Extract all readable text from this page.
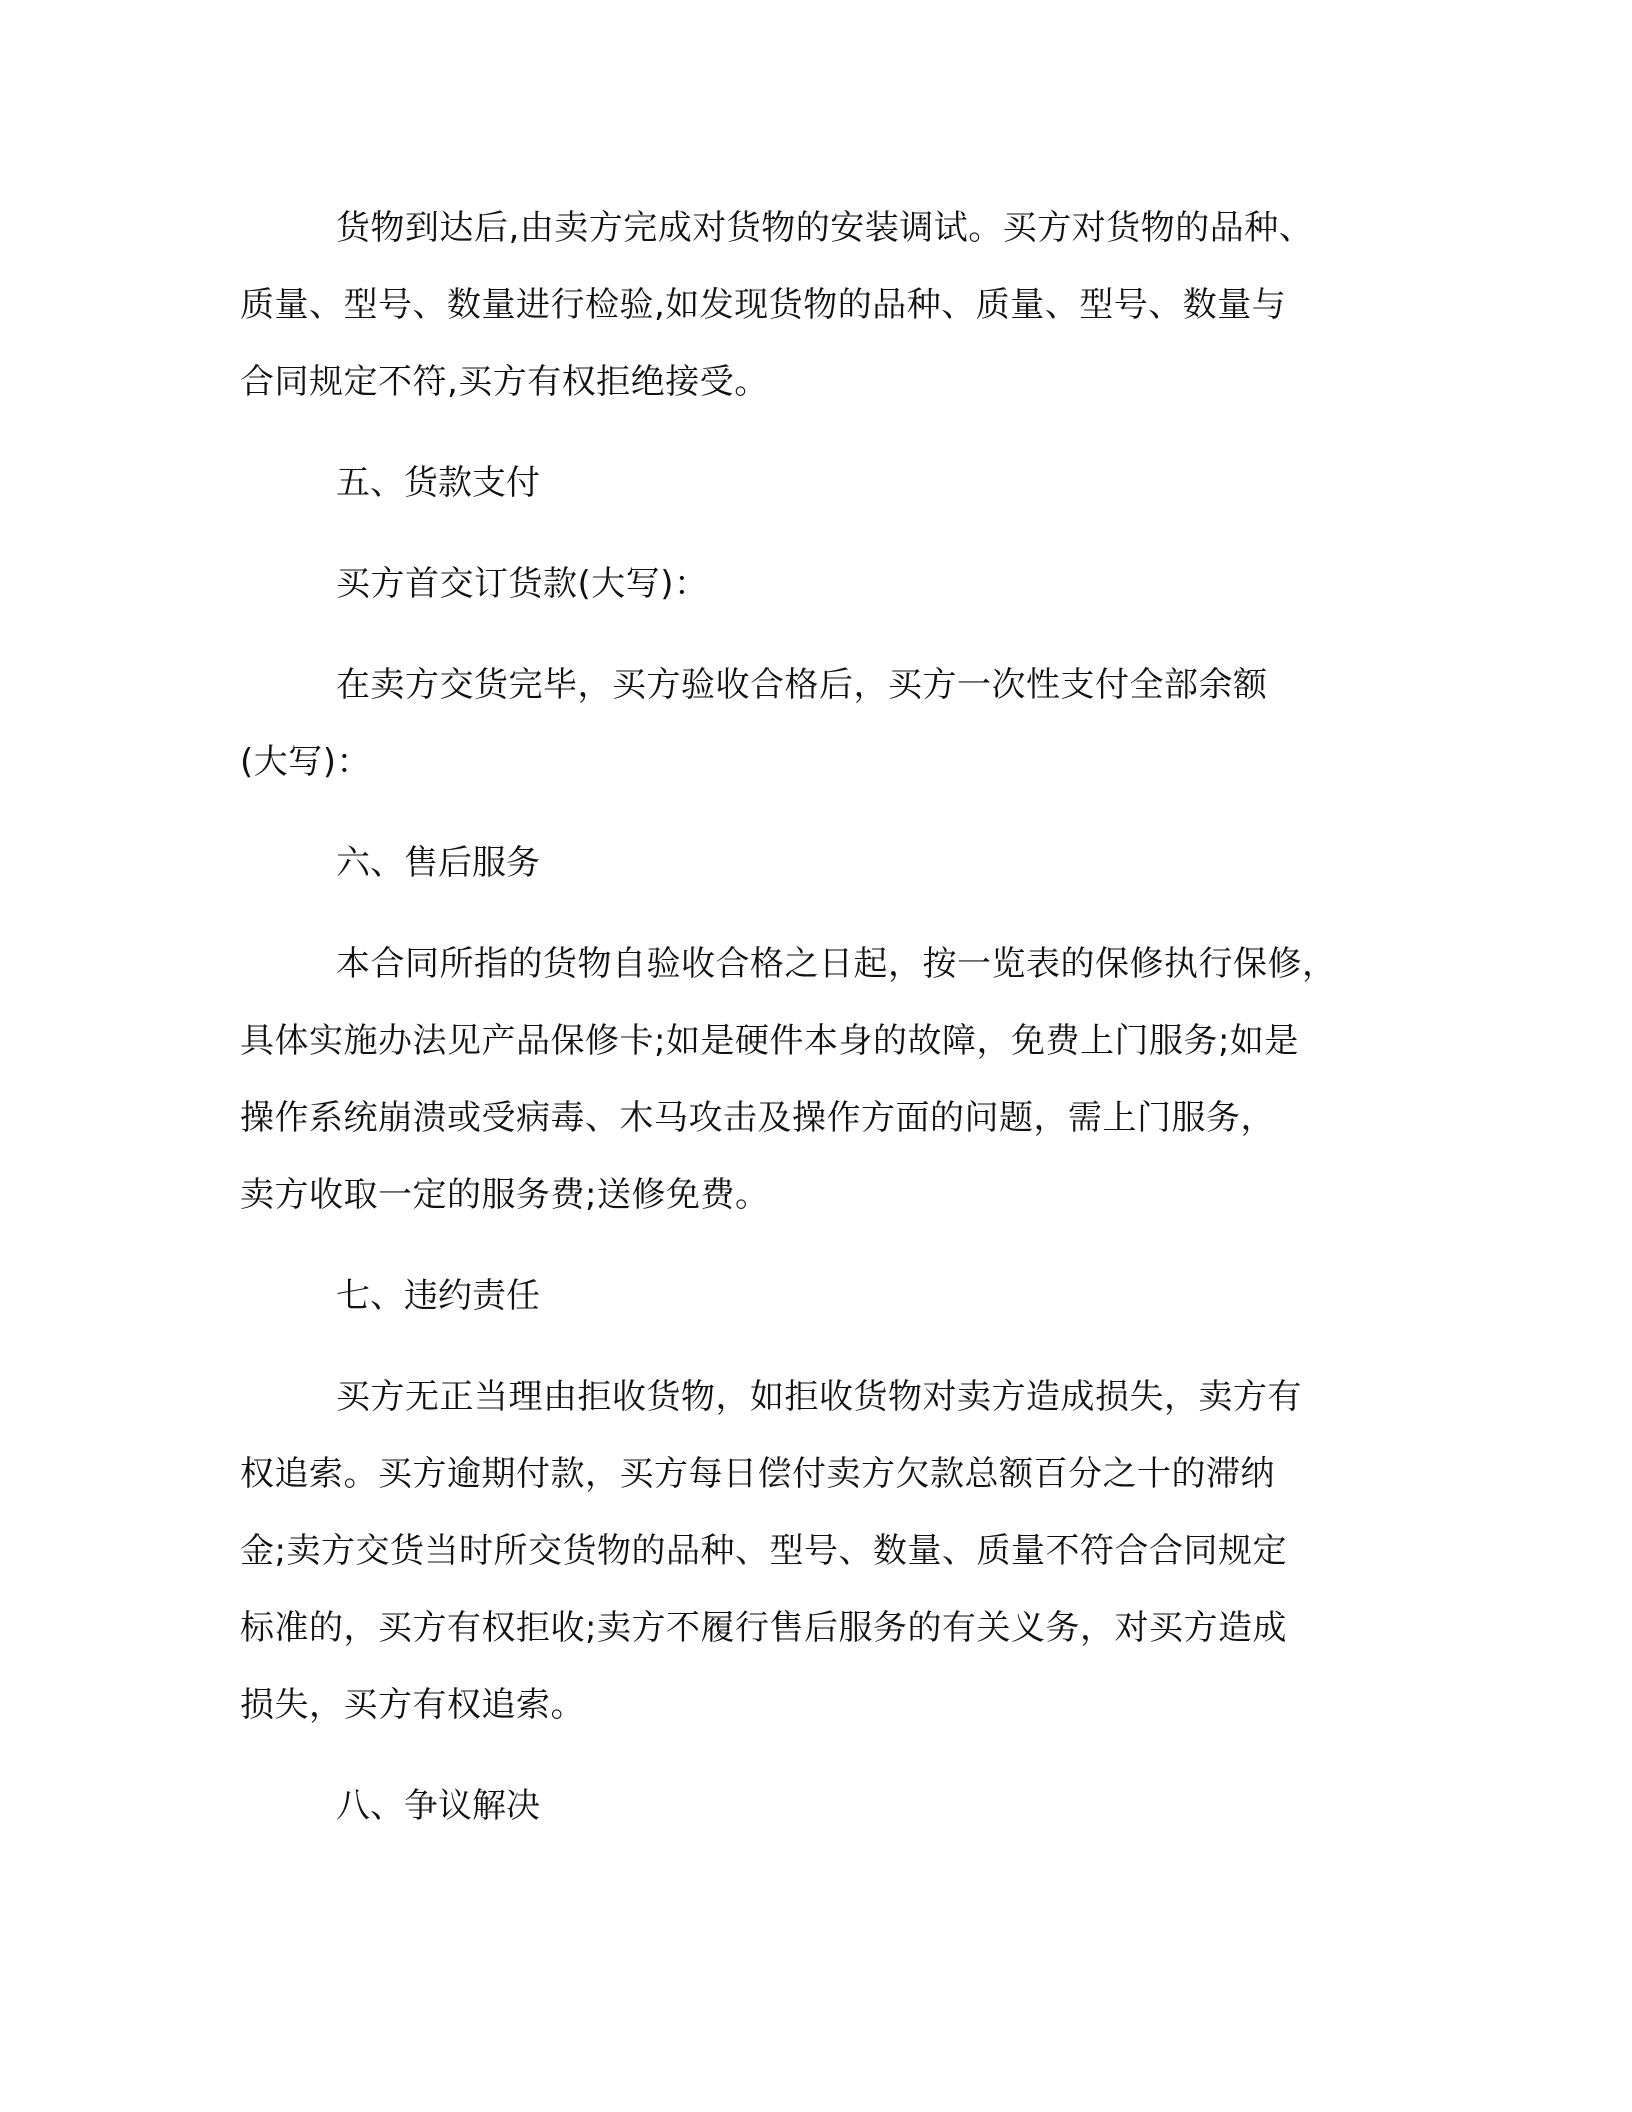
货物到达后,由卖方完成对货物的安装调试。买方对货物的品种、
质量、型号、数量进行检验,如发现货物的品种、质量、型号、数量与
合同规定不符,买方有权拒绝接受。
五、货款支付
买方首交订货款(大写)：
在卖方交货完毕，买方验收合格后，买方一次性支付全部余额
(大写)：
六、售后服务
本合同所指的货物自验收合格之日起，按一览表的保修执行保修，
具体实施办法见产品保修卡;如是硬件本身的故障，免费上门服务;如是
操作系统崩溃或受病毒、木马攻击及操作方面的问题，需上门服务，
卖方收取一定的服务费;送修免费。
七、违约责任
买方无正当理由拒收货物，如拒收货物对卖方造成损失，卖方有
权追索。买方逾期付款，买方每日偿付卖方欠款总额百分之十的滞纳
金;卖方交货当时所交货物的品种、型号、数量、质量不符合合同规定
标准的，买方有权拒收;卖方不履行售后服务的有关义务，对买方造成
损失，买方有权追索。
八、争议解决
